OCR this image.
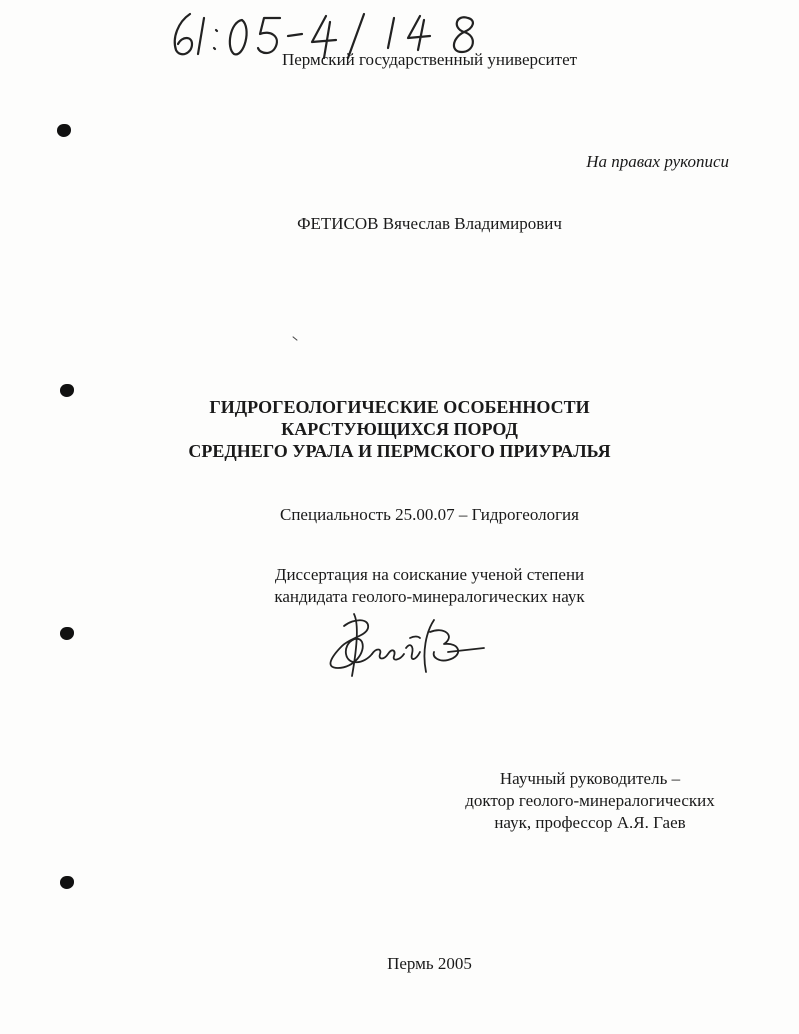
Пермский государственный университет
На правах рукописи
ФЕТИСОВ Вячеслав Владимирович
ГИДРОГЕОЛОГИЧЕСКИЕ ОСОБЕННОСТИ
КАРСТУЮЩИХСЯ ПОРОД
СРЕДНЕГО УРАЛА И ПЕРМСКОГО ПРИУРАЛЬЯ
Специальность 25.00.07 – Гидрогеология
Диссертация на соискание ученой степени
кандидата геолого-минералогических наук
Научный руководитель –
доктор геолого-минералогических
наук, профессор А.Я. Гаев
Пермь 2005
